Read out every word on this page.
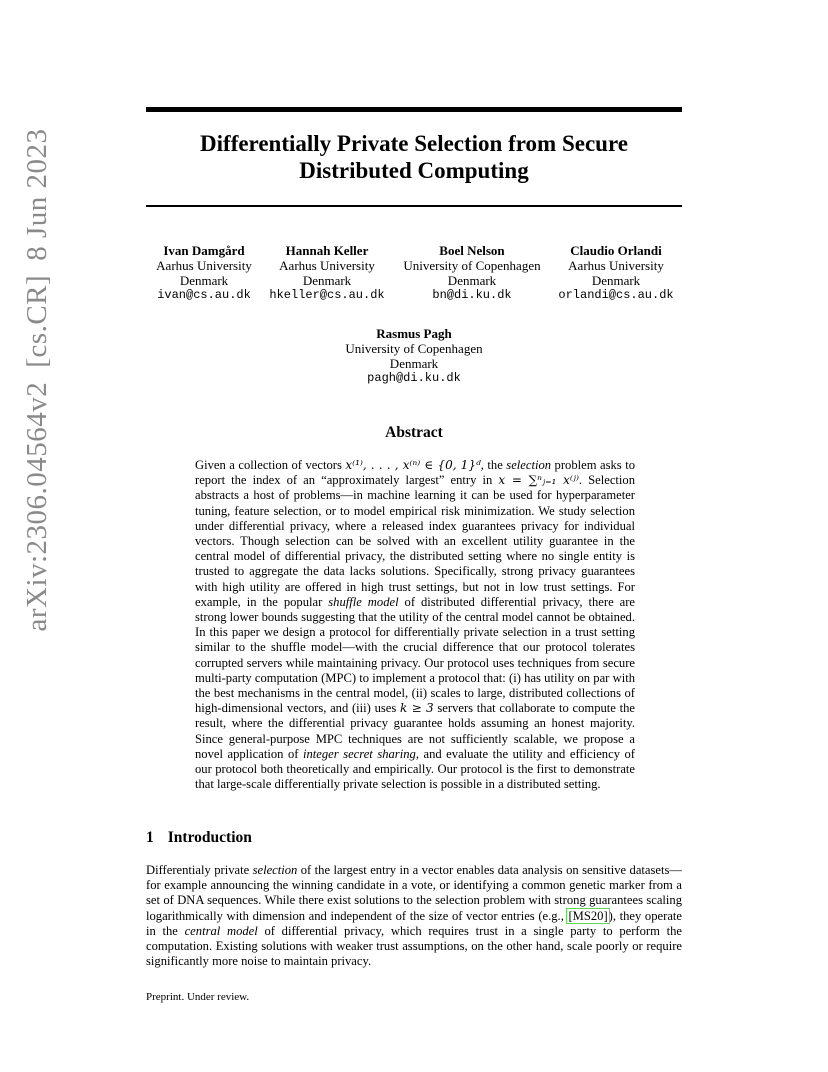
arXiv:2306.04564v2
[cs.CR]
8 Jun 2023	Differentially Private Selection from Secure
Distributed Computing
Ivan Damgård
Aarhus University
Denmark
ivan@cs.au.dk
Hannah Keller
Aarhus University
Denmark
hkeller@cs.au.dk
Boel Nelson
University of Copenhagen
Denmark
bn@di.ku.dk
Claudio Orlandi
Aarhus University
Denmark
orlandi@cs.au.dk
Rasmus Pagh
University of Copenhagen
Denmark
pagh@di.ku.dk
Abstract
Given a collection of vectors x⁽¹⁾, . . . , x⁽ⁿ⁾ ∈ {0, 1}ᵈ, the selection problem asks to report the index of an “approximately largest” entry in x = ∑ⁿⱼ₌₁ x⁽ʲ⁾. Selection abstracts a host of problems—in machine learning it can be used for hyperparameter tuning, feature selection, or to model empirical risk minimization. We study selection under differential privacy, where a released index guarantees privacy for individual vectors. Though selection can be solved with an excellent utility guarantee in the central model of differential privacy, the distributed setting where no single entity is trusted to aggregate the data lacks solutions. Specifically, strong privacy guarantees with high utility are offered in high trust settings, but not in low trust settings. For example, in the popular shuffle model of distributed differential privacy, there are strong lower bounds suggesting that the utility of the central model cannot be obtained. In this paper we design a protocol for differentially private selection in a trust setting similar to the shuffle model—with the crucial difference that our protocol tolerates corrupted servers while maintaining privacy. Our protocol uses techniques from secure multi-party computation (MPC) to implement a protocol that: (i) has utility on par with the best mechanisms in the central model, (ii) scales to large, distributed collections of high-dimensional vectors, and (iii) uses k ≥ 3 servers that collaborate to compute the result, where the differential privacy guarantee holds assuming an honest majority. Since general-purpose MPC techniques are not sufficiently scalable, we propose a novel application of integer secret sharing, and evaluate the utility and efficiency of our protocol both theoretically and empirically. Our protocol is the first to demonstrate that large-scale differentially private selection is possible in a distributed setting.
1 Introduction
Differentialy private selection of the largest entry in a vector enables data analysis on sensitive datasets—for example announcing the winning candidate in a vote, or identifying a common genetic marker from a set of DNA sequences. While there exist solutions to the selection problem with strong guarantees scaling logarithmically with dimension and independent of the size of vector entries (e.g., [MS20]), they operate in the central model of differential privacy, which requires trust in a single party to perform the computation. Existing solutions with weaker trust assumptions, on the other hand, scale poorly or require significantly more noise to maintain privacy.
Preprint. Under review.
